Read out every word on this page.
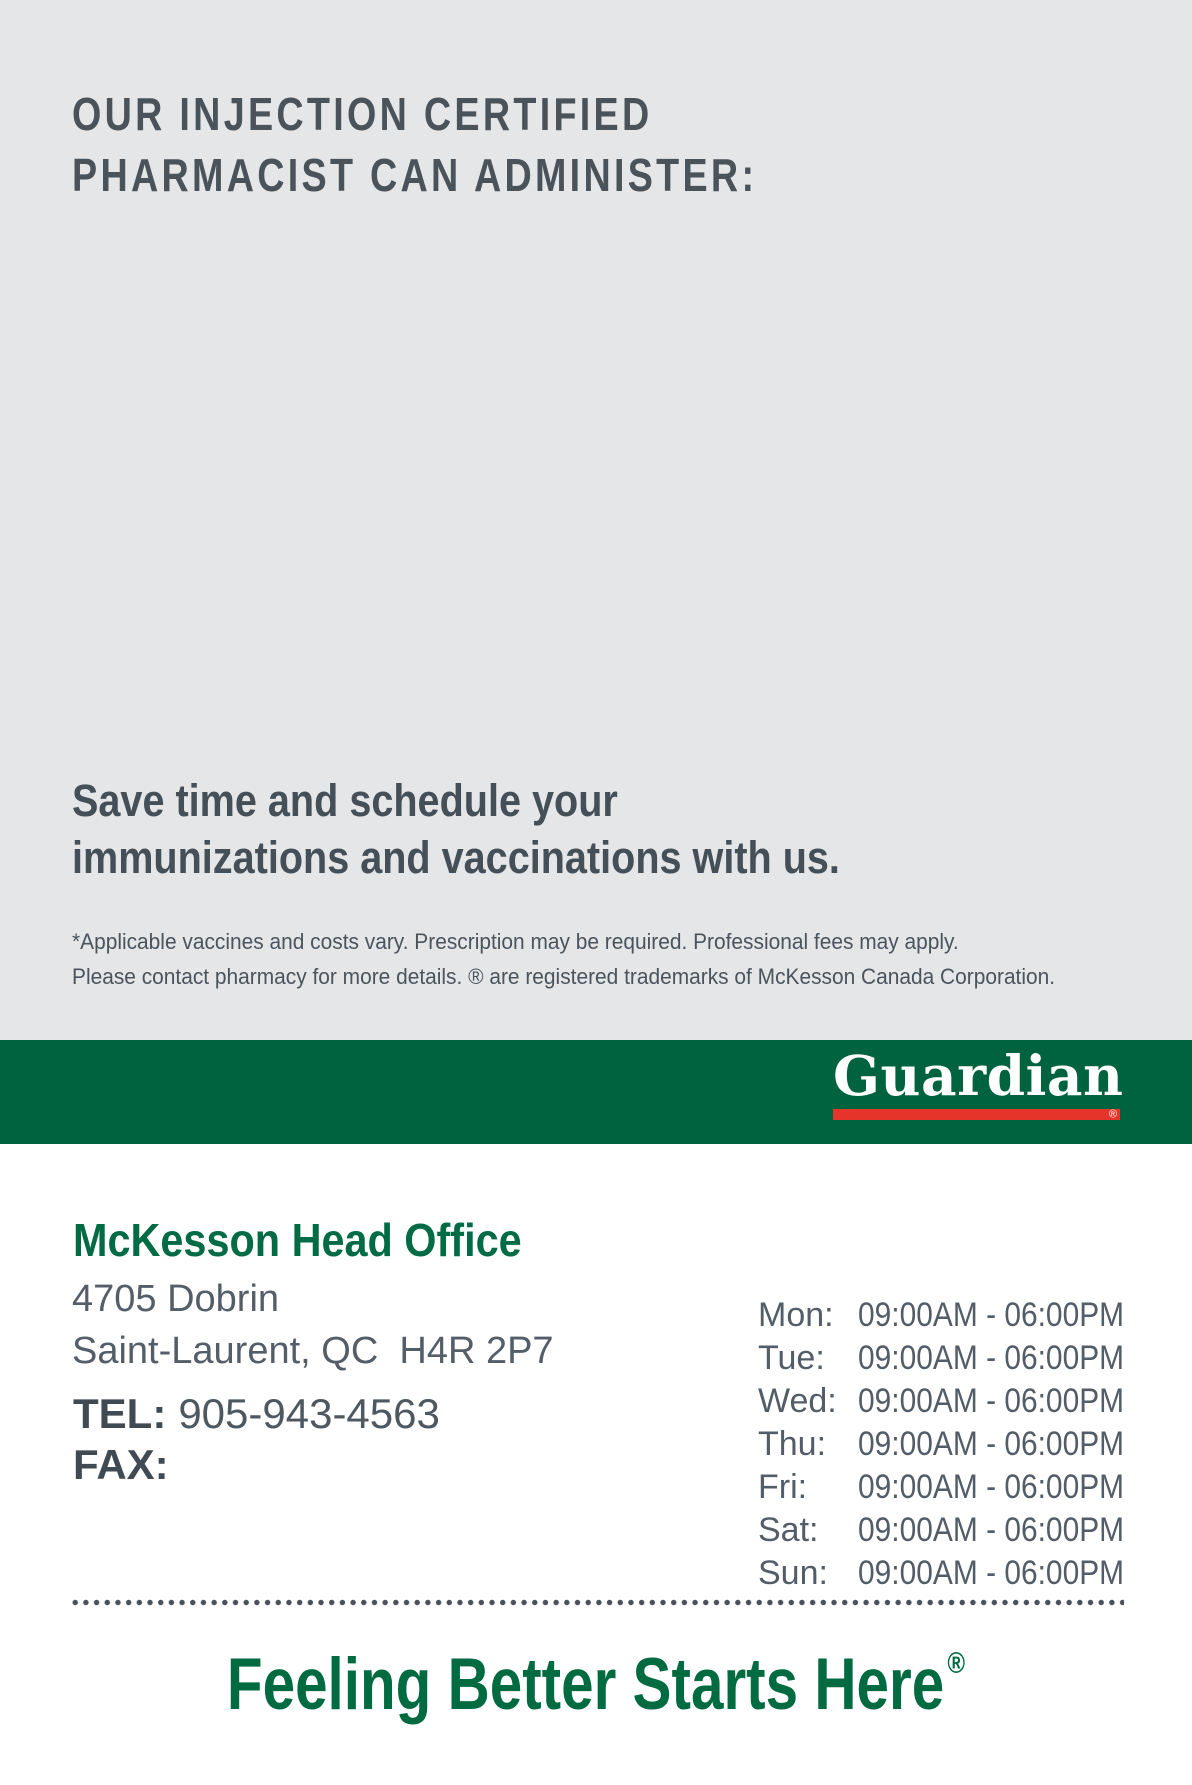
OUR INJECTION CERTIFIED
PHARMACIST CAN ADMINISTER:
Save time and schedule your
immunizations and vaccinations with us.
*Applicable vaccines and costs vary. Prescription may be required. Professional fees may apply.
Please contact pharmacy for more details. ® are registered trademarks of McKesson Canada Corporation.
Guardian
®
McKesson Head Office
4705 Dobrin
Saint-Laurent, QC  H4R 2P7
TEL: 905-943-4563
FAX:
Mon: 09:00AM - 06:00PM
Tue: 09:00AM - 06:00PM
Wed: 09:00AM - 06:00PM
Thu: 09:00AM - 06:00PM
Fri: 09:00AM - 06:00PM
Sat: 09:00AM - 06:00PM
Sun: 09:00AM - 06:00PM
Feeling Better Starts Here ®
